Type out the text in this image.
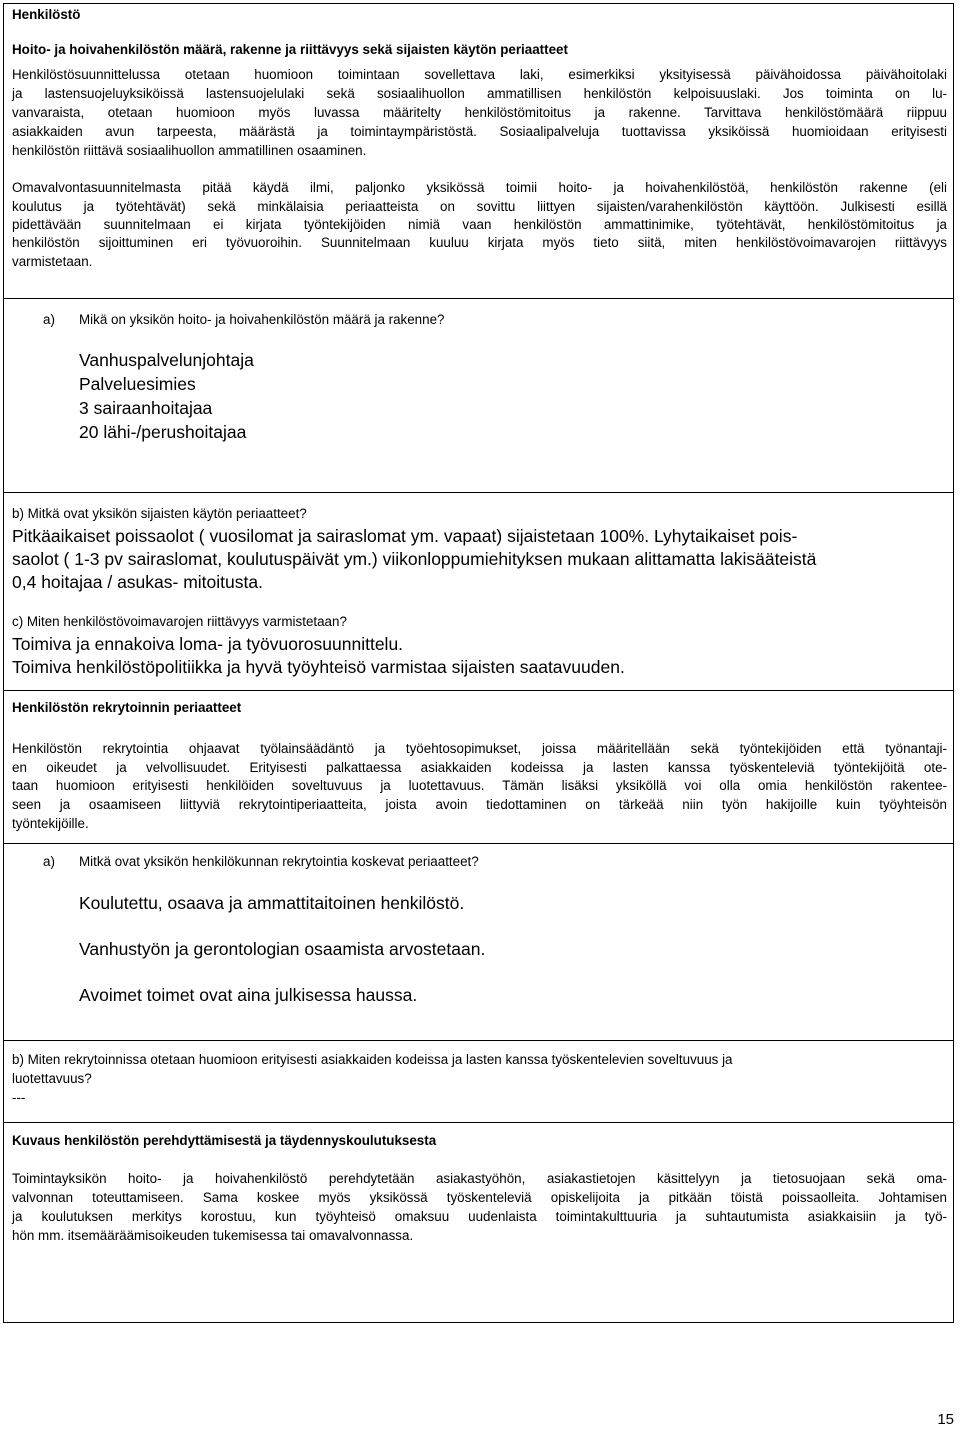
Henkilöstö
Hoito- ja hoivahenkilöstön määrä, rakenne ja riittävyys sekä sijaisten käytön periaatteet
Henkilöstösuunnittelussa otetaan huomioon toimintaan sovellettava laki, esimerkiksi yksityisessä päivähoidossa päivähoitolaki
ja lastensuojeluyksiköissä lastensuojelulaki sekä sosiaalihuollon ammatillisen henkilöstön kelpoisuuslaki. Jos toiminta on lu-
vanvaraista, otetaan huomioon myös luvassa määritelty henkilöstömitoitus ja rakenne. Tarvittava henkilöstömäärä riippuu
asiakkaiden avun tarpeesta, määrästä ja toimintaympäristöstä. Sosiaalipalveluja tuottavissa yksiköissä huomioidaan erityisesti
henkilöstön riittävä sosiaalihuollon ammatillinen osaaminen.
Omavalvontasuunnitelmasta pitää käydä ilmi, paljonko yksikössä toimii hoito- ja hoivahenkilöstöä, henkilöstön rakenne (eli
koulutus ja työtehtävät) sekä minkälaisia periaatteista on sovittu liittyen sijaisten/varahenkilöstön käyttöön. Julkisesti esillä
pidettävään suunnitelmaan ei kirjata työntekijöiden nimiä vaan henkilöstön ammattinimike, työtehtävät, henkilöstömitoitus ja
henkilöstön sijoittuminen eri työvuoroihin. Suunnitelmaan kuuluu kirjata myös tieto siitä, miten henkilöstövoimavarojen riittävyys
varmistetaan.
a) Mikä on yksikön hoito- ja hoivahenkilöstön määrä ja rakenne?
Vanhuspalvelunjohtaja
Palveluesimies
3 sairaanhoitajaa
20 lähi-/perushoitajaa
b) Mitkä ovat yksikön sijaisten käytön periaatteet?
Pitkäaikaiset poissaolot ( vuosilomat ja sairaslomat ym. vapaat) sijaistetaan 100%. Lyhytaikaiset pois-
saolot ( 1-3 pv sairaslomat, koulutuspäivät ym.) viikonloppumiehityksen mukaan alittamatta lakisääteistä
0,4 hoitajaa / asukas- mitoitusta.
c) Miten henkilöstövoimavarojen riittävyys varmistetaan?
Toimiva ja ennakoiva loma- ja työvuorosuunnittelu.
Toimiva henkilöstöpolitiikka ja hyvä työyhteisö varmistaa sijaisten saatavuuden.
Henkilöstön rekrytoinnin periaatteet
Henkilöstön rekrytointia ohjaavat työlainsäädäntö ja työehtosopimukset, joissa määritellään sekä työntekijöiden että työnantaji-
en oikeudet ja velvollisuudet. Erityisesti palkattaessa asiakkaiden kodeissa ja lasten kanssa työskenteleviä työntekijöitä ote-
taan huomioon erityisesti henkilöiden soveltuvuus ja luotettavuus. Tämän lisäksi yksiköllä voi olla omia henkilöstön rakentee-
seen ja osaamiseen liittyviä rekrytointiperiaatteita, joista avoin tiedottaminen on tärkeää niin työn hakijoille kuin työyhteisön
työntekijöille.
a) Mitkä ovat yksikön henkilökunnan rekrytointia koskevat periaatteet?
Koulutettu, osaava ja ammattitaitoinen henkilöstö.
Vanhustyön ja gerontologian osaamista arvostetaan.
Avoimet toimet ovat aina julkisessa haussa.
b) Miten rekrytoinnissa otetaan huomioon erityisesti asiakkaiden kodeissa ja lasten kanssa työskentelevien soveltuvuus ja
luotettavuus?
---
Kuvaus henkilöstön perehdyttämisestä ja täydennyskoulutuksesta
Toimintayksikön hoito- ja hoivahenkilöstö perehdytetään asiakastyöhön, asiakastietojen käsittelyyn ja tietosuojaan sekä oma-
valvonnan toteuttamiseen. Sama koskee myös yksikössä työskenteleviä opiskelijoita ja pitkään töistä poissaolleita. Johtamisen
ja koulutuksen merkitys korostuu, kun työyhteisö omaksuu uudenlaista toimintakulttuuria ja suhtautumista asiakkaisiin ja työ-
hön mm. itsemääräämisoikeuden tukemisessa tai omavalvonnassa.
15
